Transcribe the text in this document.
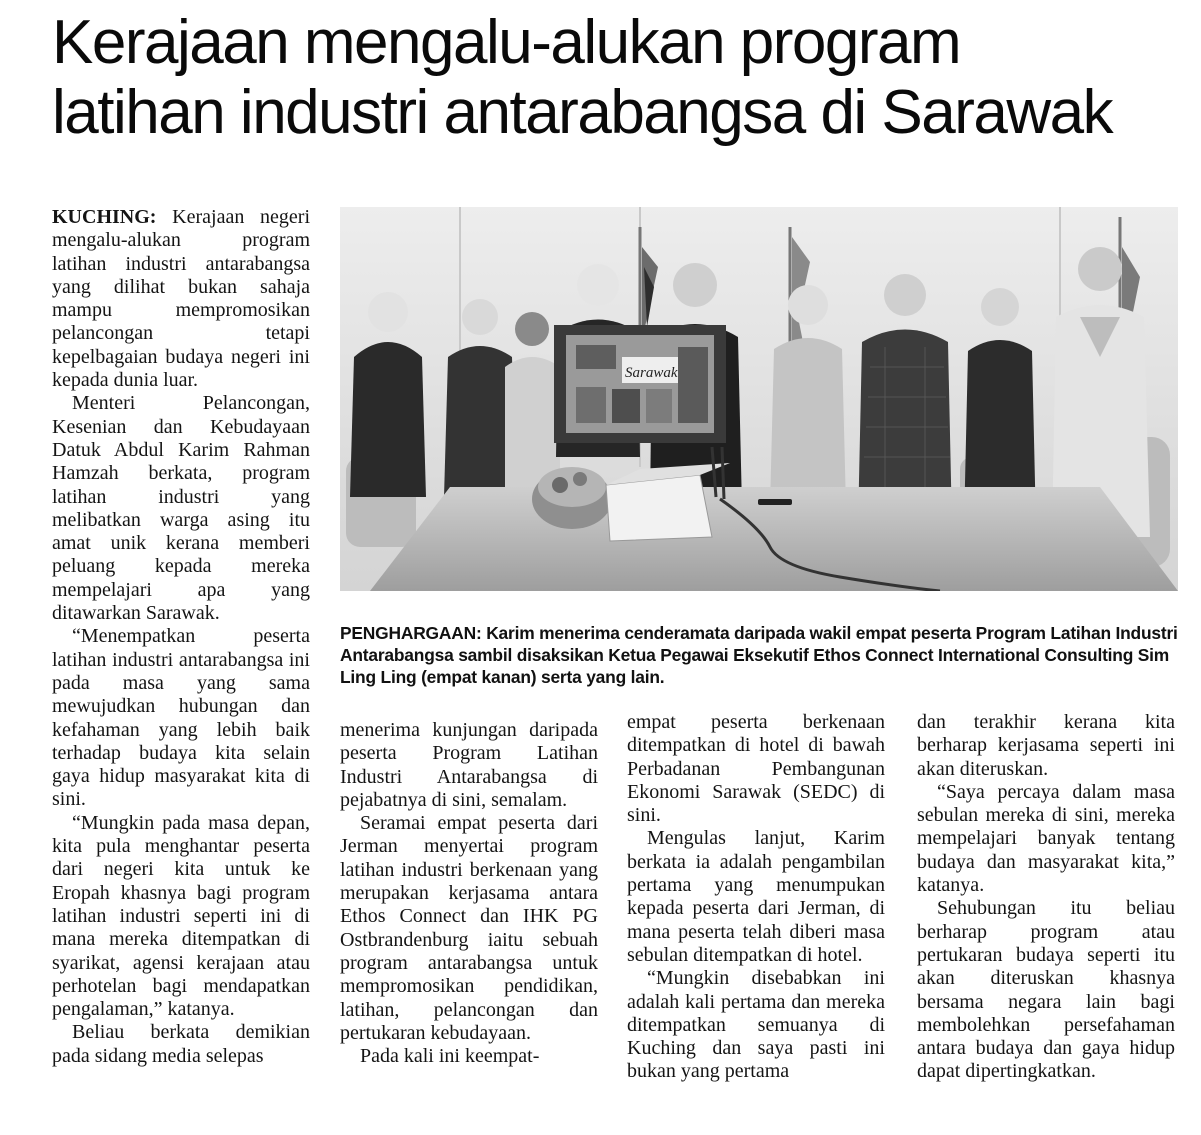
Kerajaan mengalu-alukan program
latihan industri antarabangsa di Sarawak

KUCHING: Kerajaan negeri mengalu-alukan program latihan industri antarabangsa yang dilihat bukan sahaja mampu mempromosikan pelancongan tetapi kepelbagaian budaya negeri ini kepada dunia luar.

Menteri Pelancongan, Kesenian dan Kebudayaan Datuk Abdul Karim Rahman Hamzah berkata, program latihan industri yang melibatkan warga asing itu amat unik kerana memberi peluang kepada mereka mempelajari apa yang ditawarkan Sarawak.

“Menempatkan peserta latihan industri antarabangsa ini pada masa yang sama mewujudkan hubungan dan kefahaman yang lebih baik terhadap budaya kita selain gaya hidup masyarakat kita di sini.

“Mungkin pada masa depan, kita pula menghantar peserta dari negeri kita untuk ke Eropah khasnya bagi program latihan industri seperti ini di mana mereka ditempatkan di syarikat, agensi kerajaan atau perhotelan bagi mendapatkan pengalaman,” katanya.

Beliau berkata demikian pada sidang media selepas

Sarawak
PENGHARGAAN: Karim menerima cenderamata daripada wakil empat peserta Program Latihan Industri Antarabangsa sambil disaksikan Ketua Pegawai Eksekutif Ethos Connect International Consulting Sim Ling Ling (empat kanan) serta yang lain.

menerima kunjungan daripada peserta Program Latihan Industri Antarabangsa di pejabatnya di sini, semalam.

Seramai empat peserta dari Jerman menyertai program latihan industri berkenaan yang merupakan kerjasama antara Ethos Connect dan IHK PG Ostbrandenburg iaitu sebuah program antarabangsa untuk mempromosikan pendidikan, latihan, pelancongan dan pertukaran kebudayaan.

Pada kali ini keempat-

empat peserta berkenaan ditempatkan di hotel di bawah Perbadanan Pembangunan Ekonomi Sarawak (SEDC) di sini.

Mengulas lanjut, Karim berkata ia adalah pengambilan pertama yang menumpukan kepada peserta dari Jerman, di mana peserta telah diberi masa sebulan ditempatkan di hotel.

“Mungkin disebabkan ini adalah kali pertama dan mereka ditempatkan semuanya di Kuching dan saya pasti ini bukan yang pertama

dan terakhir kerana kita berharap kerjasama seperti ini akan diteruskan.

“Saya percaya dalam masa sebulan mereka di sini, mereka mempelajari banyak tentang budaya dan masyarakat kita,” katanya.

Sehubungan itu beliau berharap program atau pertukaran budaya seperti itu akan diteruskan khasnya bersama negara lain bagi membolehkan persefahaman antara budaya dan gaya hidup dapat dipertingkatkan.
